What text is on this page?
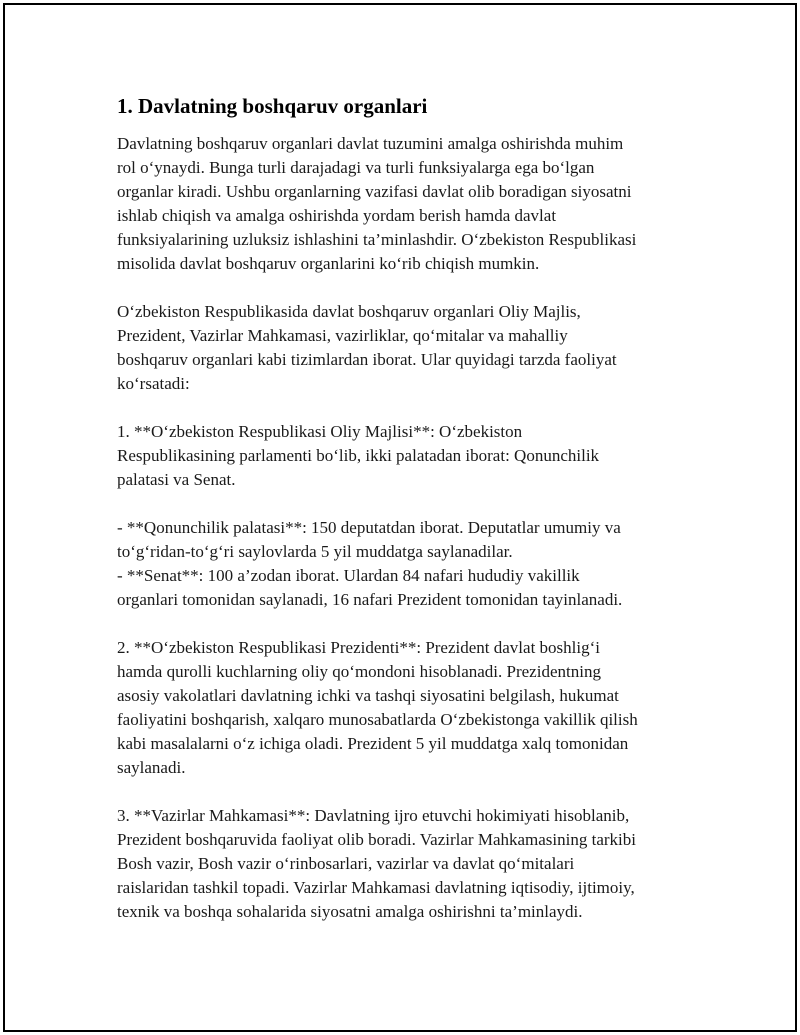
1. Davlatning boshqaruv organlari

Davlatning boshqaruv organlari davlat tuzumini amalga oshirishda muhim
rol o‘ynaydi. Bunga turli darajadagi va turli funksiyalarga ega bo‘lgan
organlar kiradi. Ushbu organlarning vazifasi davlat olib boradigan siyosatni
ishlab chiqish va amalga oshirishda yordam berish hamda davlat
funksiyalarining uzluksiz ishlashini ta’minlashdir. O‘zbekiston Respublikasi
misolida davlat boshqaruv organlarini ko‘rib chiqish mumkin.

O‘zbekiston Respublikasida davlat boshqaruv organlari Oliy Majlis,
Prezident, Vazirlar Mahkamasi, vazirliklar, qo‘mitalar va mahalliy
boshqaruv organlari kabi tizimlardan iborat. Ular quyidagi tarzda faoliyat
ko‘rsatadi:

1. **O‘zbekiston Respublikasi Oliy Majlisi**: O‘zbekiston
Respublikasining parlamenti bo‘lib, ikki palatadan iborat: Qonunchilik
palatasi va Senat.

- **Qonunchilik palatasi**: 150 deputatdan iborat. Deputatlar umumiy va
to‘g‘ridan-to‘g‘ri saylovlarda 5 yil muddatga saylanadilar.
- **Senat**: 100 a’zodan iborat. Ulardan 84 nafari hududiy vakillik
organlari tomonidan saylanadi, 16 nafari Prezident tomonidan tayinlanadi.

2. **O‘zbekiston Respublikasi Prezidenti**: Prezident davlat boshlig‘i
hamda qurolli kuchlarning oliy qo‘mondoni hisoblanadi. Prezidentning
asosiy vakolatlari davlatning ichki va tashqi siyosatini belgilash, hukumat
faoliyatini boshqarish, xalqaro munosabatlarda O‘zbekistonga vakillik qilish
kabi masalalarni o‘z ichiga oladi. Prezident 5 yil muddatga xalq tomonidan
saylanadi.

3. **Vazirlar Mahkamasi**: Davlatning ijro etuvchi hokimiyati hisoblanib,
Prezident boshqaruvida faoliyat olib boradi. Vazirlar Mahkamasining tarkibi
Bosh vazir, Bosh vazir o‘rinbosarlari, vazirlar va davlat qo‘mitalari
raislaridan tashkil topadi. Vazirlar Mahkamasi davlatning iqtisodiy, ijtimoiy,
texnik va boshqa sohalarida siyosatni amalga oshirishni ta’minlaydi.
